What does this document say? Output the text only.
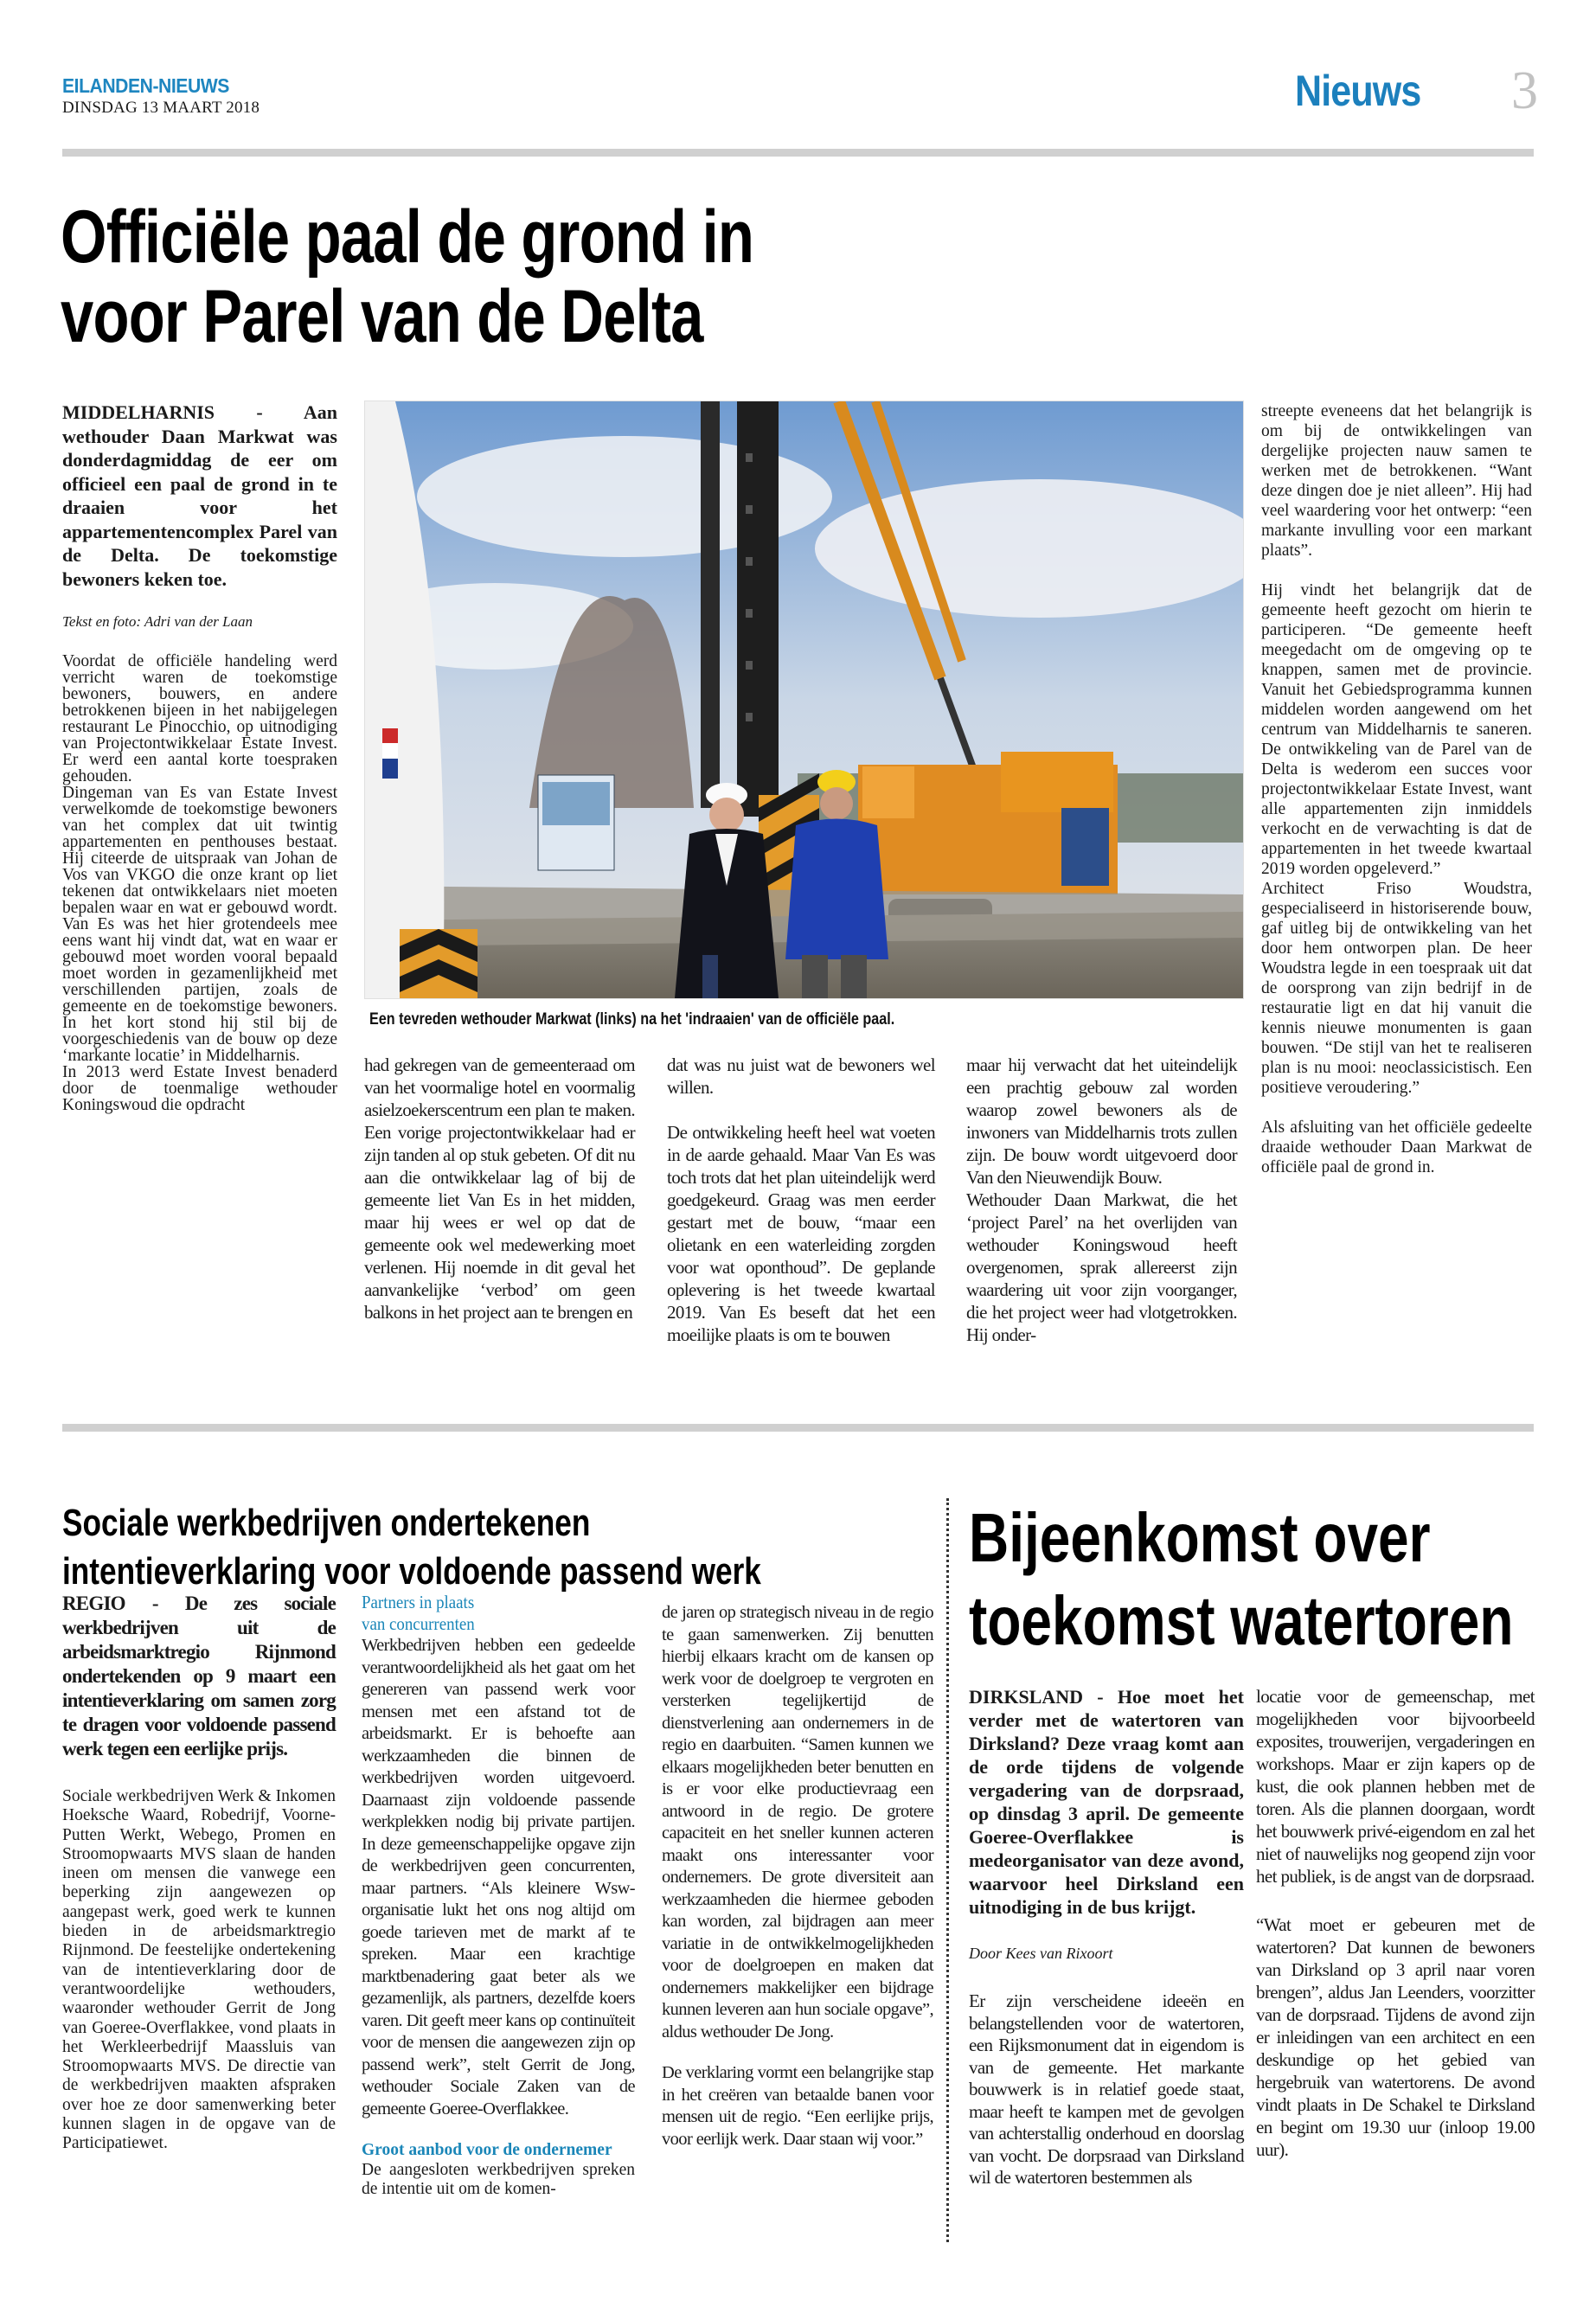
EILANDEN-NIEUWS
DINSDAG 13 MAART 2018	Nieuws 3
Officiële paal de grond in
voor Parel van de Delta

MIDDELHARNIS - Aan wethouder Daan Markwat was donderdagmiddag de eer om officieel een paal de grond in te draaien voor het appartementencomplex Parel van de Delta. De toekomstige bewoners keken toe.

Tekst en foto: Adri van der Laan

Voordat de officiële handeling werd verricht waren de toekomstige bewoners, bouwers, en andere betrokkenen bijeen in het nabijgelegen restaurant Le Pinocchio, op uitnodiging van Projectontwikkelaar Estate Invest. Er werd een aantal korte toespraken gehouden.

Dingeman van Es van Estate Invest verwelkomde de toekomstige bewoners van het complex dat uit twintig appartementen en penthouses bestaat. Hij citeerde de uitspraak van Johan de Vos van VKGO die onze krant op liet tekenen dat ontwikkelaars niet moeten bepalen waar en wat er gebouwd wordt. Van Es was het hier grotendeels mee eens want hij vindt dat, wat en waar er gebouwd moet worden vooral bepaald moet worden in gezamenlijkheid met verschillenden partijen, zoals de gemeente en de toekomstige bewoners. In het kort stond hij stil bij de voorgeschiedenis van de bouw op deze ‘markante locatie’ in Middelharnis.

In 2013 werd Estate Invest benaderd door de toenmalige wethouder Koningswoud die opdracht

Een tevreden wethouder Markwat (links) na het 'indraaien' van de officiële paal.

had gekregen van de gemeenteraad om van het voormalige hotel en voormalig asielzoekerscentrum een plan te maken. Een vorige projectontwikkelaar had er zijn tanden al op stuk gebeten. Of dit nu aan die ontwikkelaar lag of bij de gemeente liet Van Es in het midden, maar hij wees er wel op dat de gemeente ook wel medewerking moet verlenen. Hij noemde in dit geval het aanvankelijke ‘verbod’ om geen balkons in het project aan te brengen en

dat was nu juist wat de bewoners wel willen.

De ontwikkeling heeft heel wat voeten in de aarde gehaald. Maar Van Es was toch trots dat het plan uiteindelijk werd goedgekeurd. Graag was men eerder gestart met de bouw, “maar een olietank en een waterleiding zorgden voor wat oponthoud”. De geplande oplevering is het tweede kwartaal 2019. Van Es beseft dat het een moeilijke plaats is om te bouwen

maar hij verwacht dat het uiteindelijk een prachtig gebouw zal worden waarop zowel bewoners als de inwoners van Middelharnis trots zullen zijn. De bouw wordt uitgevoerd door Van den Nieuwendijk Bouw.

Wethouder Daan Markwat, die het ‘project Parel’ na het overlijden van wethouder Koningswoud heeft overgenomen, sprak allereerst zijn waardering uit voor zijn voorganger, die het project weer had vlotgetrokken. Hij onder-

streepte eveneens dat het belangrijk is om bij de ontwikkelingen van dergelijke projecten nauw samen te werken met de betrokkenen. “Want deze dingen doe je niet alleen”. Hij had veel waardering voor het ontwerp: “een markante invulling voor een markant plaats”.

Hij vindt het belangrijk dat de gemeente heeft gezocht om hierin te participeren. “De gemeente heeft meegedacht om de omgeving op te knappen, samen met de provincie. Vanuit het Gebiedsprogramma kunnen middelen worden aangewend om het centrum van Middelharnis te saneren. De ontwikkeling van de Parel van de Delta is wederom een succes voor projectontwikkelaar Estate Invest, want alle appartementen zijn inmiddels verkocht en de verwachting is dat de appartementen in het tweede kwartaal 2019 worden opgeleverd.”

Architect Friso Woudstra, gespecialiseerd in historiserende bouw, gaf uitleg bij de ontwikkeling van het door hem ontworpen plan. De heer Woudstra legde in een toespraak uit dat de oorsprong van zijn bedrijf in de restauratie ligt en dat hij vanuit die kennis nieuwe monumenten is gaan bouwen. “De stijl van het te realiseren plan is nu mooi: neoclassicistisch. Een positieve veroudering.”

Als afsluiting van het officiële gedeelte draaide wethouder Daan Markwat de officiële paal de grond in.

Sociale werkbedrijven ondertekenen
intentieverklaring voor voldoende passend werk

REGIO - De zes sociale werkbedrijven uit de arbeidsmarktregio Rijnmond ondertekenden op 9 maart een intentieverklaring om samen zorg te dragen voor voldoende passend werk tegen een eerlijke prijs.

Sociale werkbedrijven Werk & Inkomen Hoeksche Waard, Robedrijf, Voorne-Putten Werkt, Webego, Promen en Stroomopwaarts MVS slaan de handen ineen om mensen die vanwege een beperking zijn aangewezen op aangepast werk, goed werk te kunnen bieden in de arbeidsmarktregio Rijnmond. De feestelijke ondertekening van de intentieverklaring door de verantwoordelijke wethouders, waaronder wethouder Gerrit de Jong van Goeree-Overflakkee, vond plaats in het Werkleerbedrijf Maassluis van Stroomopwaarts MVS. De directie van de werkbedrijven maakten afspraken over hoe ze door samenwerking beter kunnen slagen in de opgave van de Participatiewet.

Partners in plaats

van concurrenten

Werkbedrijven hebben een gedeelde verantwoordelijkheid als het gaat om het genereren van passend werk voor mensen met een afstand tot de arbeidsmarkt. Er is behoefte aan werkzaamheden die binnen de werkbedrijven worden uitgevoerd. Daarnaast zijn voldoende passende werkplekken nodig bij private partijen. In deze gemeenschappelijke opgave zijn de werkbedrijven geen concurrenten, maar partners. “Als kleinere Wsw-organisatie lukt het ons nog altijd om goede tarieven met de markt af te spreken. Maar een krachtige marktbenadering gaat beter als we gezamenlijk, als partners, dezelfde koers varen. Dit geeft meer kans op continuïteit voor de mensen die aangewezen zijn op passend werk”, stelt Gerrit de Jong, wethouder Sociale Zaken van de gemeente Goeree-Overflakkee.

Groot aanbod voor de ondernemer

De aangesloten werkbedrijven spreken de intentie uit om de komen-

de jaren op strategisch niveau in de regio te gaan samenwerken. Zij benutten hierbij elkaars kracht om de kansen op werk voor de doelgroep te vergroten en versterken tegelijkertijd de dienstverlening aan ondernemers in de regio en daarbuiten. “Samen kunnen we elkaars mogelijkheden beter benutten en is er voor elke productievraag een antwoord in de regio. De grotere capaciteit en het sneller kunnen acteren maakt ons interessanter voor ondernemers. De grote diversiteit aan werkzaamheden die hiermee geboden kan worden, zal bijdragen aan meer variatie in de ontwikkelmogelijkheden voor de doelgroepen en maken dat ondernemers makkelijker een bijdrage kunnen leveren aan hun sociale opgave”, aldus wethouder De Jong.

De verklaring vormt een belangrijke stap in het creëren van betaalde banen voor mensen uit de regio. “Een eerlijke prijs, voor eerlijk werk. Daar staan wij voor.”

Bijeenkomst over
toekomst watertoren

DIRKSLAND - Hoe moet het verder met de watertoren van Dirksland? Deze vraag komt aan de orde tijdens de volgende vergadering van de dorpsraad, op dinsdag 3 april. De gemeente Goeree-Overflakkee is medeorganisator van deze avond, waarvoor heel Dirksland een uitnodiging in de bus krijgt.

Door Kees van Rixoort

Er zijn verscheidene ideeën en belangstellenden voor de watertoren, een Rijksmonument dat in eigendom is van de gemeente. Het markante bouwwerk is in relatief goede staat, maar heeft te kampen met de gevolgen van achterstallig onderhoud en doorslag van vocht. De dorpsraad van Dirksland wil de watertoren bestemmen als

locatie voor de gemeenschap, met mogelijkheden voor bijvoorbeeld exposites, trouwerijen, vergaderingen en workshops. Maar er zijn kapers op de kust, die ook plannen hebben met de toren. Als die plannen doorgaan, wordt het bouwwerk privé-eigendom en zal het niet of nauwelijks nog geopend zijn voor het publiek, is de angst van de dorpsraad.

“Wat moet er gebeuren met de watertoren? Dat kunnen de bewoners van Dirksland op 3 april naar voren brengen”, aldus Jan Leenders, voorzitter van de dorpsraad. Tijdens de avond zijn er inleidingen van een architect en een deskundige op het gebied van hergebruik van watertorens. De avond vindt plaats in De Schakel te Dirksland en begint om 19.30 uur (inloop 19.00 uur).
